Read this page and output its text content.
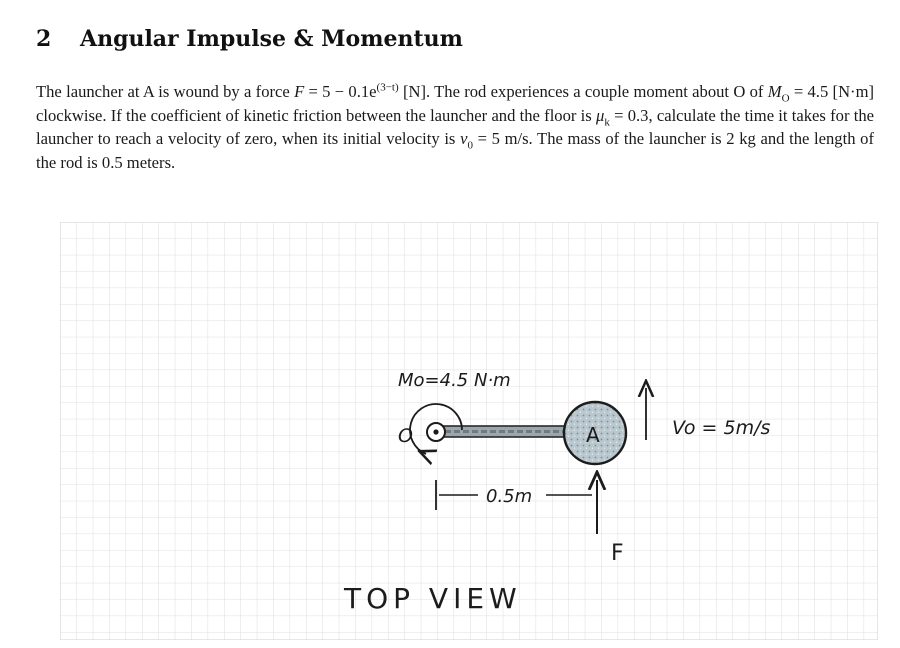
2 Angular Impulse & Momentum

The launcher at A is wound by a force $F = 5 - 0.1e^{(3-t)}$ [N]. The rod experiences a couple moment about O of $M_O = 4.5$ [N·m] clockwise. If the coefficient of kinetic friction between the launcher and the floor is $\mu_k = 0.3$, calculate the time it takes for the launcher to reach a velocity of zero, when its initial velocity is $v_0 = 5$ m/s. The mass of the launcher is 2 kg and the length of the rod is 0.5 meters.

O
Mo=4.5 N·m
A	Vo = 5m/s
0.5m
F
TOP VIEW
